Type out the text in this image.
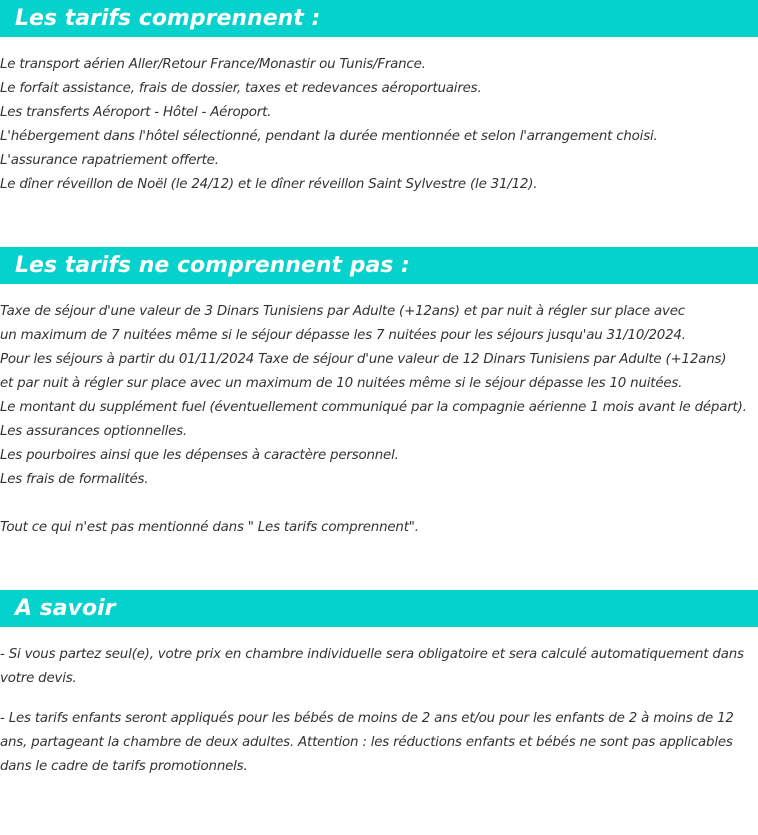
Les tarifs comprennent :

Le transport aérien Aller/Retour France/Monastir ou Tunis/France.

Le forfait assistance, frais de dossier, taxes et redevances aéroportuaires.

Les transferts Aéroport - Hôtel - Aéroport.

L'hébergement dans l'hôtel sélectionné, pendant la durée mentionnée et selon l'arrangement choisi.

L'assurance rapatriement offerte.

Le dîner réveillon de Noël (le 24/12) et le dîner réveillon Saint Sylvestre (le 31/12).

Les tarifs ne comprennent pas :

Taxe de séjour d'une valeur de 3 Dinars Tunisiens par Adulte (+12ans) et par nuit à régler sur place avec

un maximum de 7 nuitées même si le séjour dépasse les 7 nuitées pour les séjours jusqu'au 31/10/2024.

Pour les séjours à partir du 01/11/2024 Taxe de séjour d'une valeur de 12 Dinars Tunisiens par Adulte (+12ans)

et par nuit à régler sur place avec un maximum de 10 nuitées même si le séjour dépasse les 10 nuitées.

Le montant du supplément fuel (éventuellement communiqué par la compagnie aérienne 1 mois avant le départ).

Les assurances optionnelles.

Les pourboires ainsi que les dépenses à caractère personnel.

Les frais de formalités.

Tout ce qui n'est pas mentionné dans " Les tarifs comprennent".

A savoir

- Si vous partez seul(e), votre prix en chambre individuelle sera obligatoire et sera calculé automatiquement dans votre devis.

- Les tarifs enfants seront appliqués pour les bébés de moins de 2 ans et/ou pour les enfants de 2 à moins de 12 ans, partageant la chambre de deux adultes. Attention : les réductions enfants et bébés ne sont pas applicables dans le cadre de tarifs promotionnels.
